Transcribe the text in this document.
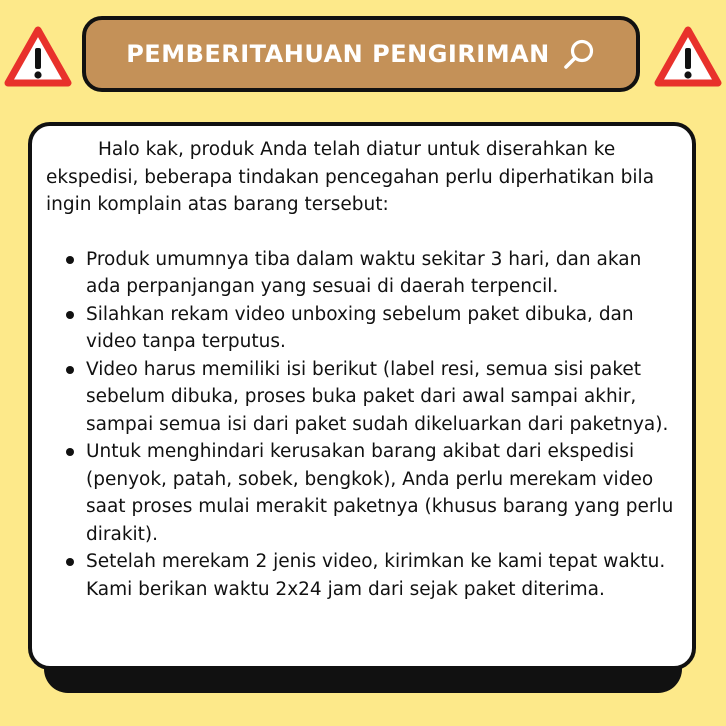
PEMBERITAHUAN PENGIRIMAN

Halo kak, produk Anda telah diatur untuk diserahkan ke ekspedisi, beberapa tindakan pencegahan perlu diperhatikan bila ingin komplain atas barang tersebut:

Produk umumnya tiba dalam waktu sekitar 3 hari, dan akan ada perpanjangan yang sesuai di daerah terpencil.
Silahkan rekam video unboxing sebelum paket dibuka, dan video tanpa terputus.
Video harus memiliki isi berikut (label resi, semua sisi paket sebelum dibuka, proses buka paket dari awal sampai akhir, sampai semua isi dari paket sudah dikeluarkan dari paketnya).
Untuk menghindari kerusakan barang akibat dari ekspedisi (penyok, patah, sobek, bengkok), Anda perlu merekam video saat proses mulai merakit paketnya (khusus barang yang perlu dirakit).
Setelah merekam 2 jenis video, kirimkan ke kami tepat waktu. Kami berikan waktu 2x24 jam dari sejak paket diterima.
